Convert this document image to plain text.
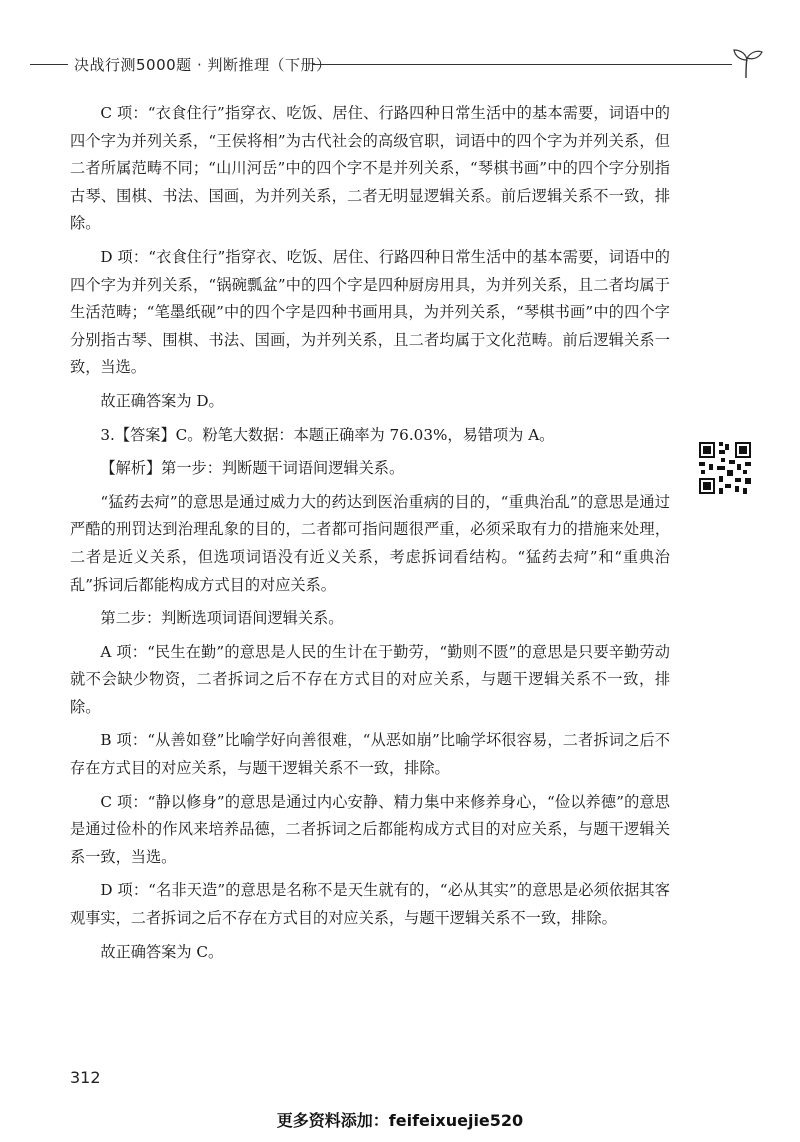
决战行测5000题 · 判断推理（下册）

C 项：“衣食住行”指穿衣、吃饭、居住、行路四种日常生活中的基本需要，词语中的四个字为并列关系，“王侯将相”为古代社会的高级官职，词语中的四个字为并列关系，但二者所属范畴不同；“山川河岳”中的四个字不是并列关系，“琴棋书画”中的四个字分别指古琴、围棋、书法、国画，为并列关系，二者无明显逻辑关系。前后逻辑关系不一致，排除。

D 项：“衣食住行”指穿衣、吃饭、居住、行路四种日常生活中的基本需要，词语中的四个字为并列关系，“锅碗瓢盆”中的四个字是四种厨房用具，为并列关系，且二者均属于生活范畴；“笔墨纸砚”中的四个字是四种书画用具，为并列关系，“琴棋书画”中的四个字分别指古琴、围棋、书法、国画，为并列关系，且二者均属于文化范畴。前后逻辑关系一致，当选。

故正确答案为 D。

3.【答案】C。粉笔大数据：本题正确率为 76.03%，易错项为 A。

【解析】第一步：判断题干词语间逻辑关系。

“猛药去疴”的意思是通过威力大的药达到医治重病的目的，“重典治乱”的意思是通过严酷的刑罚达到治理乱象的目的，二者都可指问题很严重，必须采取有力的措施来处理，二者是近义关系，但选项词语没有近义关系，考虑拆词看结构。“猛药去疴”和“重典治乱”拆词后都能构成方式目的对应关系。

第二步：判断选项词语间逻辑关系。

A 项：“民生在勤”的意思是人民的生计在于勤劳，“勤则不匮”的意思是只要辛勤劳动就不会缺少物资，二者拆词之后不存在方式目的对应关系，与题干逻辑关系不一致，排除。

B 项：“从善如登”比喻学好向善很难，“从恶如崩”比喻学坏很容易，二者拆词之后不存在方式目的对应关系，与题干逻辑关系不一致，排除。

C 项：“静以修身”的意思是通过内心安静、精力集中来修养身心，“俭以养德”的意思是通过俭朴的作风来培养品德，二者拆词之后都能构成方式目的对应关系，与题干逻辑关系一致，当选。

D 项：“名非天造”的意思是名称不是天生就有的，“必从其实”的意思是必须依据其客观事实，二者拆词之后不存在方式目的对应关系，与题干逻辑关系不一致，排除。

故正确答案为 C。

312
更多资料添加：feifeixuejie520
